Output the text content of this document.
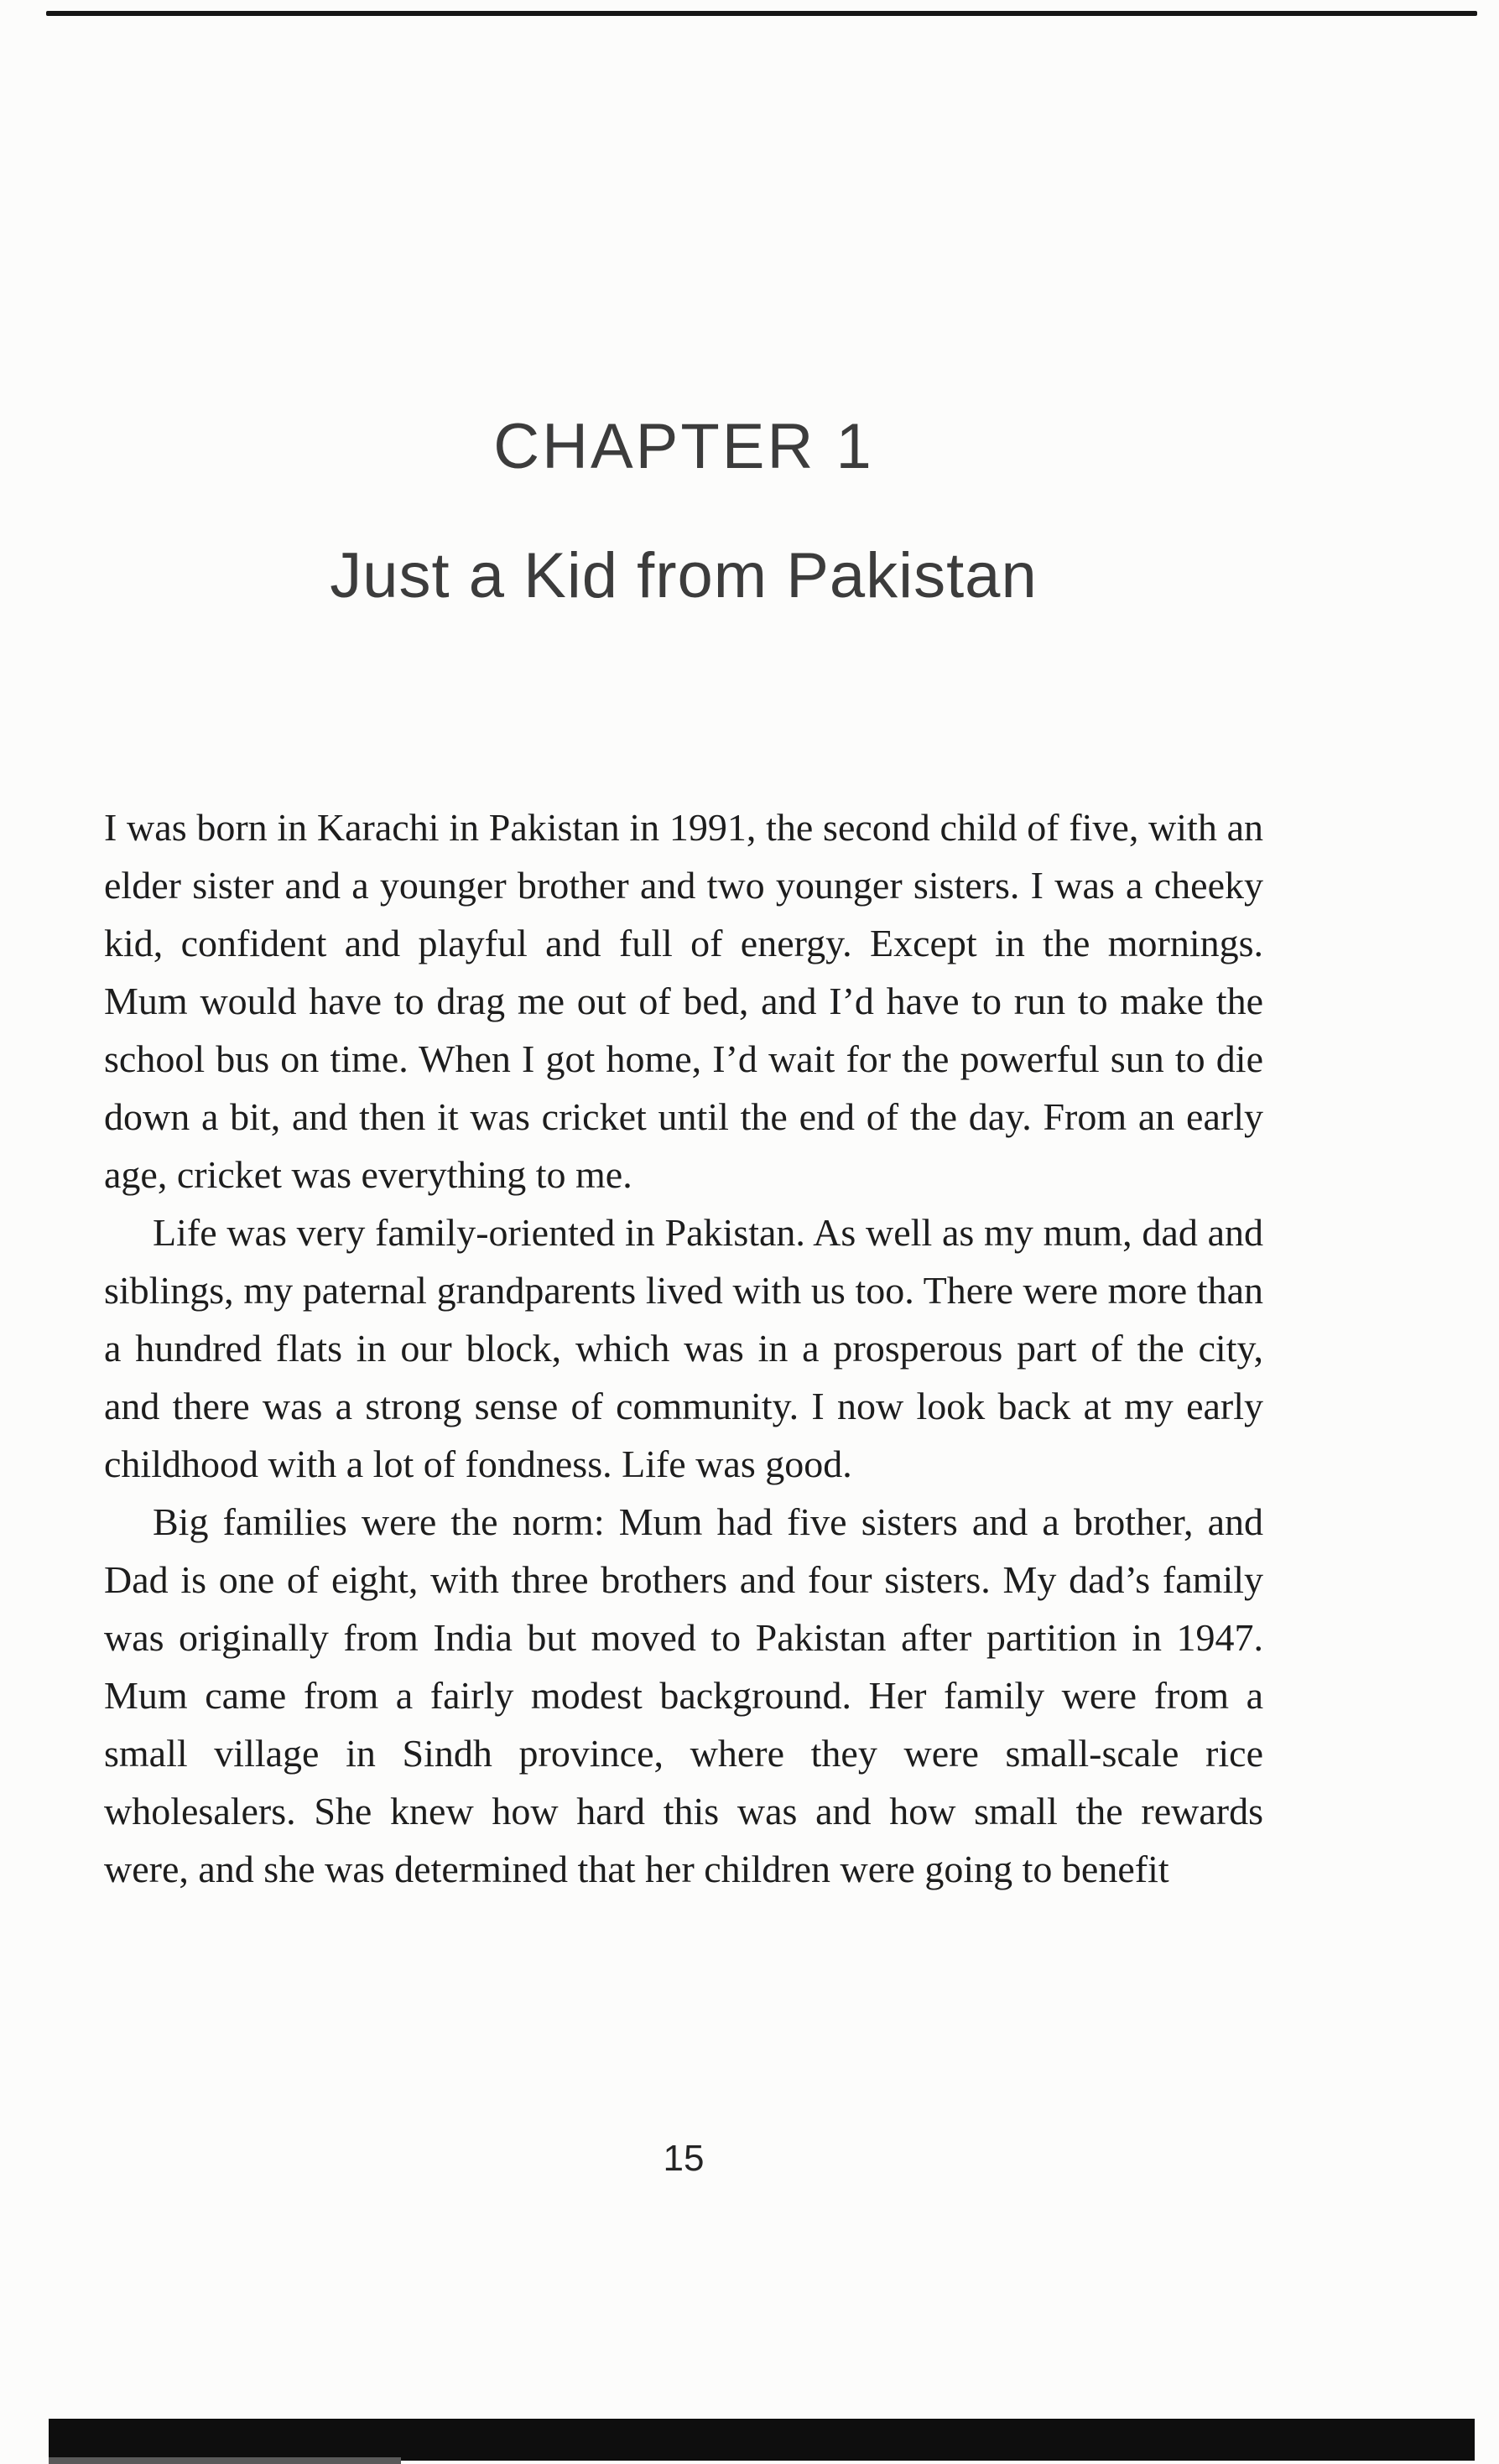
CHAPTER 1
Just a Kid from Pakistan

I was born in Karachi in Pakistan in 1991, the second child of five, with an elder sister and a younger brother and two younger sisters. I was a cheeky kid, confident and playful and full of energy. Except in the mornings. Mum would have to drag me out of bed, and I’d have to run to make the school bus on time. When I got home, I’d wait for the powerful sun to die down a bit, and then it was cricket until the end of the day. From an early age, cricket was everything to me.

Life was very family-oriented in Pakistan. As well as my mum, dad and siblings, my paternal grandparents lived with us too. There were more than a hundred flats in our block, which was in a prosperous part of the city, and there was a strong sense of community. I now look back at my early childhood with a lot of fondness. Life was good.

Big families were the norm: Mum had five sisters and a brother, and Dad is one of eight, with three brothers and four sisters. My dad’s family was originally from India but moved to Pakistan after partition in 1947. Mum came from a fairly modest background. Her family were from a small village in Sindh province, where they were small-scale rice wholesalers. She knew how hard this was and how small the rewards were, and she was determined that her children were going to benefit

15
